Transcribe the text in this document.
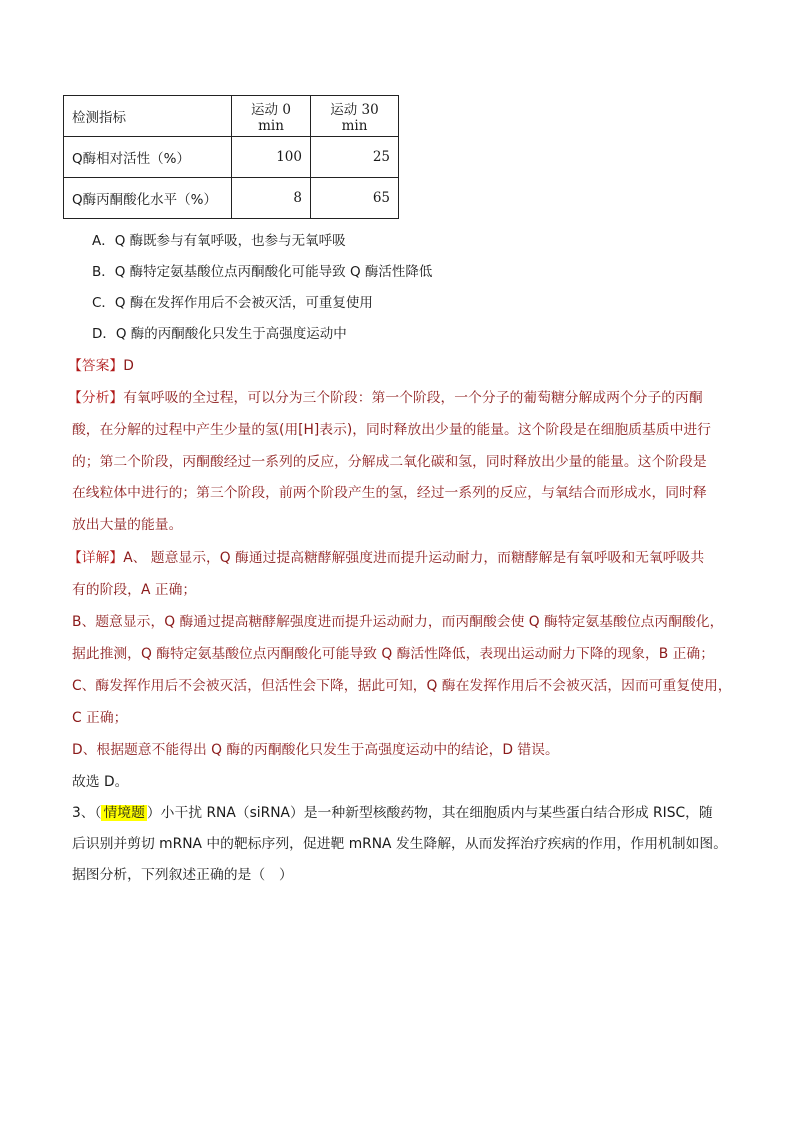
检测指标	运动 0 min	运动 30 min
Q酶相对活性（%）	100	25
Q酶丙酮酸化水平（%）	8	65
A．Q 酶既参与有氧呼吸，也参与无氧呼吸
B．Q 酶特定氨基酸位点丙酮酸化可能导致 Q 酶活性降低
C．Q 酶在发挥作用后不会被灭活，可重复使用
D．Q 酶的丙酮酸化只发生于高强度运动中
【答案】D
【分析】有氧呼吸的全过程，可以分为三个阶段：第一个阶段，一个分子的葡萄糖分解成两个分子的丙酮
酸，在分解的过程中产生少量的氢(用[H]表示)，同时释放出少量的能量。这个阶段是在细胞质基质中进行
的；第二个阶段，丙酮酸经过一系列的反应，分解成二氧化碳和氢，同时释放出少量的能量。这个阶段是
在线粒体中进行的；第三个阶段，前两个阶段产生的氢，经过一系列的反应，与氧结合而形成水，同时释
放出大量的能量。
【详解】A、 题意显示，Q 酶通过提高糖酵解强度进而提升运动耐力，而糖酵解是有氧呼吸和无氧呼吸共
有的阶段，A 正确；
B、题意显示，Q 酶通过提高糖酵解强度进而提升运动耐力，而丙酮酸会使 Q 酶特定氨基酸位点丙酮酸化，
据此推测，Q 酶特定氨基酸位点丙酮酸化可能导致 Q 酶活性降低，表现出运动耐力下降的现象，B 正确；
C、酶发挥作用后不会被灭活，但活性会下降，据此可知，Q 酶在发挥作用后不会被灭活，因而可重复使用，
C 正确；
D、根据题意不能得出 Q 酶的丙酮酸化只发生于高强度运动中的结论，D 错误。
故选 D。
3、（ 情境题 ）小干扰 RNA（siRNA）是一种新型核酸药物，其在细胞质内与某些蛋白结合形成 RISC，随
后识别并剪切 mRNA 中的靶标序列，促进靶 mRNA 发生降解，从而发挥治疗疾病的作用，作用机制如图。
据图分析，下列叙述正确的是（　）
